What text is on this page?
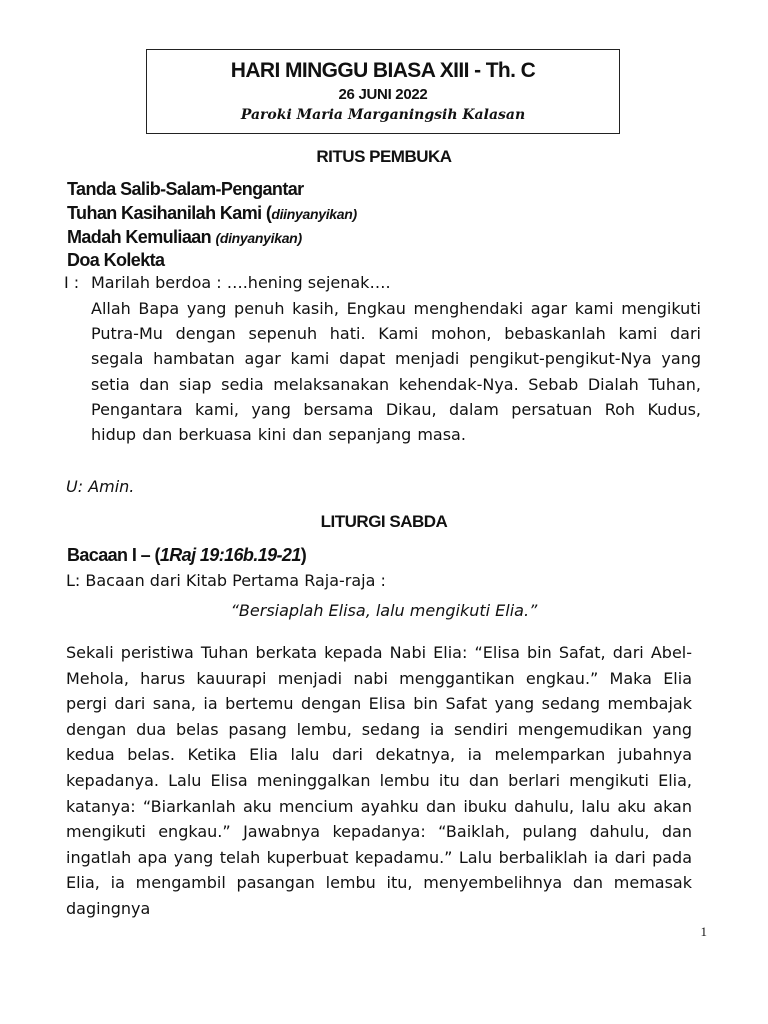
HARI MINGGU BIASA XIII - Th. C
26 JUNI 2022
Paroki Maria Marganingsih Kalasan
RITUS PEMBUKA
Tanda Salib-Salam-Pengantar
Tuhan Kasihanilah Kami (diinyanyikan)
Madah Kemuliaan (dinyanyikan)
Doa Kolekta
I : Marilah berdoa : ….hening sejenak….
Allah Bapa yang penuh kasih, Engkau menghendaki agar kami mengikuti Putra-Mu dengan sepenuh hati. Kami mohon, bebaskanlah kami dari segala hambatan agar kami dapat menjadi pengikut-pengikut-Nya yang setia dan siap sedia melaksanakan kehendak-Nya. Sebab Dialah Tuhan, Pengantara kami, yang bersama Dikau, dalam persatuan Roh Kudus, hidup dan berkuasa kini dan sepanjang masa.
U: Amin.
LITURGI SABDA
Bacaan I – (1Raj 19:16b.19-21)
L: Bacaan dari Kitab Pertama Raja-raja :
“Bersiaplah Elisa, lalu mengikuti Elia.”
Sekali peristiwa Tuhan berkata kepada Nabi Elia: “Elisa bin Safat, dari Abel-Mehola, harus kauurapi menjadi nabi menggantikan engkau.” Maka Elia pergi dari sana, ia bertemu dengan Elisa bin Safat yang sedang membajak dengan dua belas pasang lembu, sedang ia sendiri mengemudikan yang kedua belas. Ketika Elia lalu dari dekatnya, ia melemparkan jubahnya kepadanya. Lalu Elisa meninggalkan lembu itu dan berlari mengikuti Elia, katanya: “Biarkanlah aku mencium ayahku dan ibuku dahulu, lalu aku akan mengikuti engkau.” Jawabnya kepadanya: “Baiklah, pulang dahulu, dan ingatlah apa yang telah kuperbuat kepadamu.” Lalu berbaliklah ia dari pada Elia, ia mengambil pasangan lembu itu, menyembelihnya dan memasak dagingnya
1
